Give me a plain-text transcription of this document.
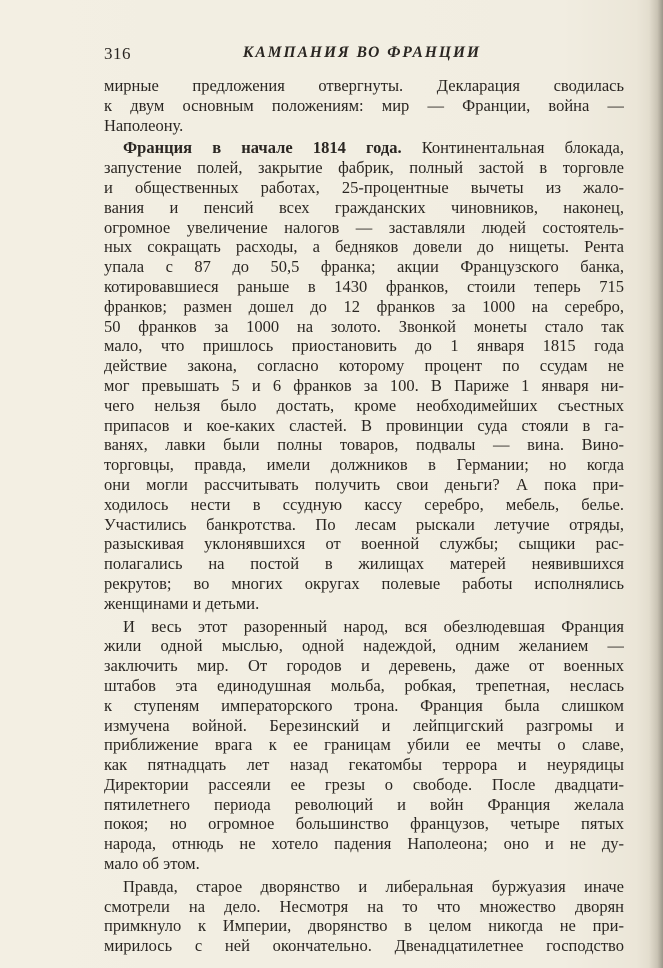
316	КАМПАНИЯ ВО ФРАНЦИИ
мирные предложения отвергнуты. Декларация сводилась
к двум основным положениям: мир — Франции, война —
Наполеону.
Франция в начале 1814 года. Континентальная блокада,
запустение полей, закрытие фабрик, полный застой в торговле
и общественных работах, 25-процентные вычеты из жало-
вания и пенсий всех гражданских чиновников, наконец,
огромное увеличение налогов — заставляли людей состоятель-
ных сокращать расходы, а бедняков довели до нищеты. Рента
упала с 87 до 50,5 франка; акции Французского банка,
котировавшиеся раньше в 1430 франков, стоили теперь 715
франков; размен дошел до 12 франков за 1000 на серебро,
50 франков за 1000 на золото. Звонкой монеты стало так
мало, что пришлось приостановить до 1 января 1815 года
действие закона, согласно которому процент по ссудам не
мог превышать 5 и 6 франков за 100. В Париже 1 января ни-
чего нельзя было достать, кроме необходимейших съестных
припасов и кое-каких сластей. В провинции суда стояли в га-
ванях, лавки были полны товаров, подвалы — вина. Вино-
торговцы, правда, имели должников в Германии; но когда
они могли рассчитывать получить свои деньги? А пока при-
ходилось нести в ссудную кассу серебро, мебель, белье.
Участились банкротства. По лесам рыскали летучие отряды,
разыскивая уклонявшихся от военной службы; сыщики рас-
полагались на постой в жилищах матерей неявившихся
рекрутов; во многих округах полевые работы исполнялись
женщинами и детьми.
И весь этот разоренный народ, вся обезлюдевшая Франция
жили одной мыслью, одной надеждой, одним желанием —
заключить мир. От городов и деревень, даже от военных
штабов эта единодушная мольба, робкая, трепетная, неслась
к ступеням императорского трона. Франция была слишком
измучена войной. Березинский и лейпцигский разгромы и
приближение врага к ее границам убили ее мечты о славе,
как пятнадцать лет назад гекатомбы террора и неурядицы
Директории рассеяли ее грезы о свободе. После двадцати-
пятилетнего периода революций и войн Франция желала
покоя; но огромное большинство французов, четыре пятых
народа, отнюдь не хотело падения Наполеона; оно и не ду-
мало об этом.
Правда, старое дворянство и либеральная буржуазия иначе
смотрели на дело. Несмотря на то что множество дворян
примкнуло к Империи, дворянство в целом никогда не при-
мирилось с ней окончательно. Двенадцатилетнее господство
